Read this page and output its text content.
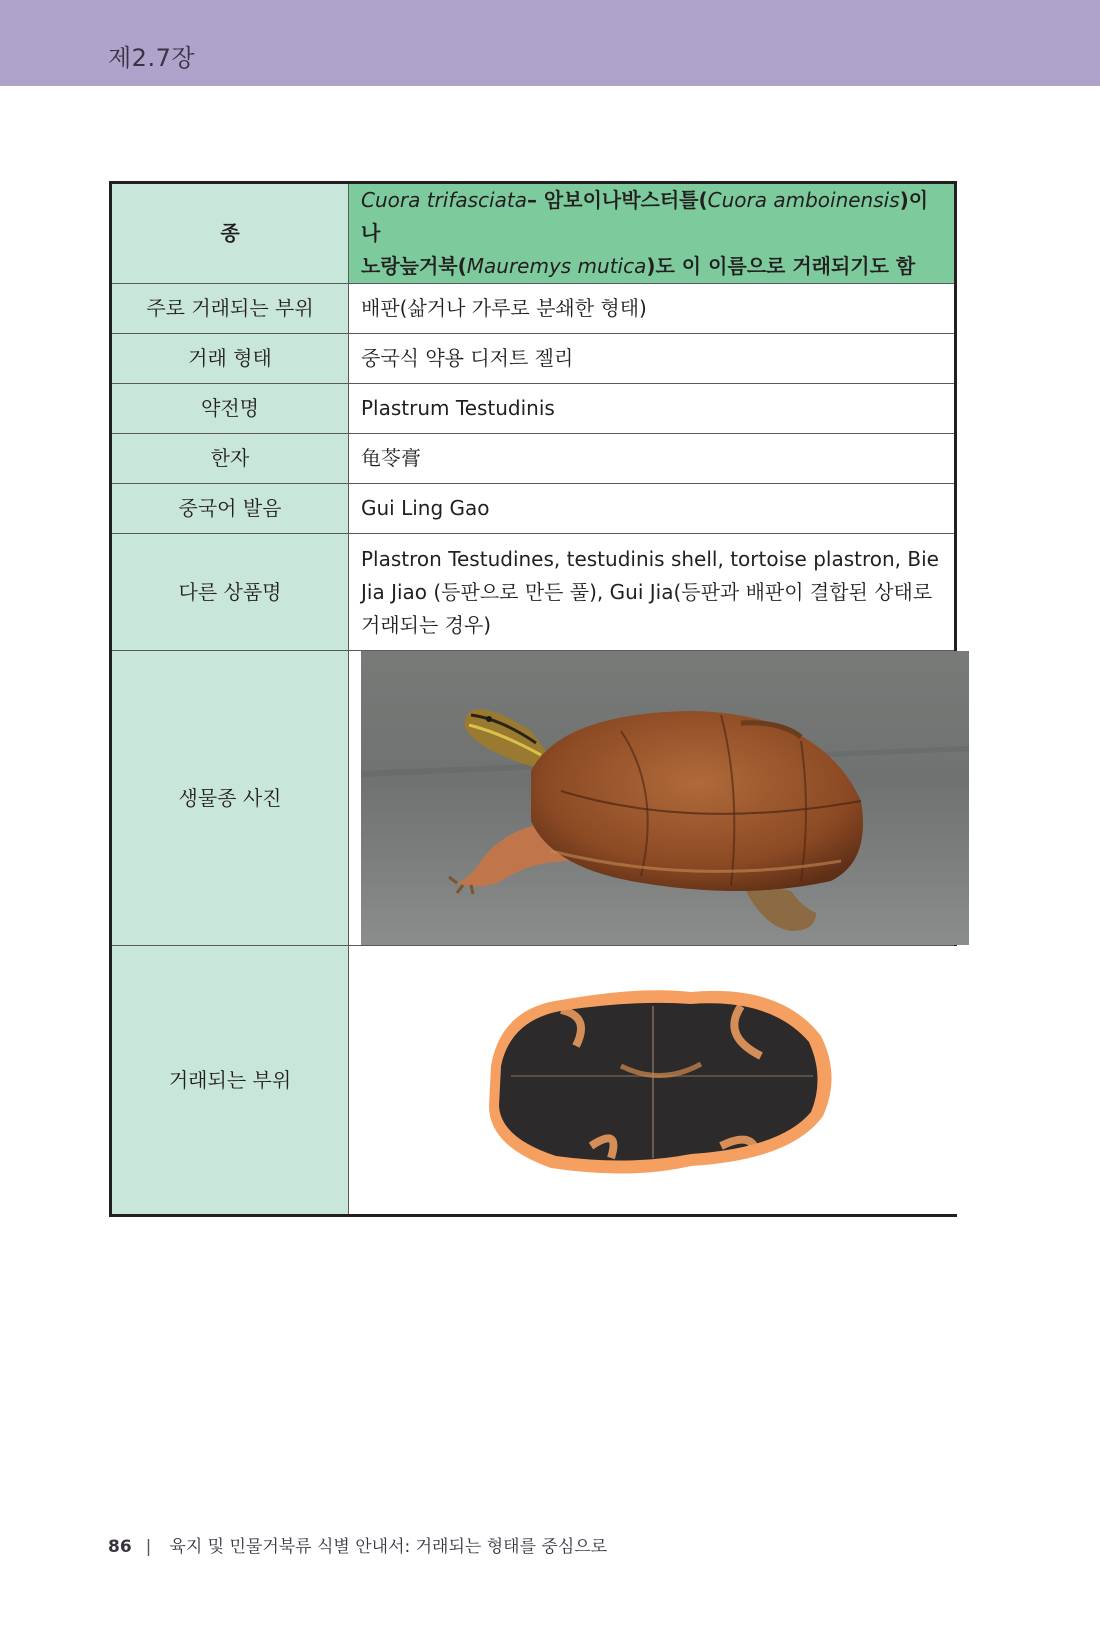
제2.7장
종	Cuora trifasciata– 암보이나박스터틀(Cuora amboinensis)이나
노랑늪거북(Mauremys mutica)도 이 이름으로 거래되기도 함
주로 거래되는 부위	배판(삶거나 가루로 분쇄한 형태)
거래 형태	중국식 약용 디저트 젤리
약전명	Plastrum Testudinis
한자	龟苓膏
중국어 발음	Gui Ling Gao
다른 상품명	Plastron Testudines, testudinis shell, tortoise plastron, Bie Jia Jiao (등판으로 만든 풀), Gui Jia(등판과 배판이 결합된 상태로 거래되는 경우)
생물종 사진	

거래되는 부위	
86 | 육지 및 민물거북류 식별 안내서: 거래되는 형태를 중심으로
